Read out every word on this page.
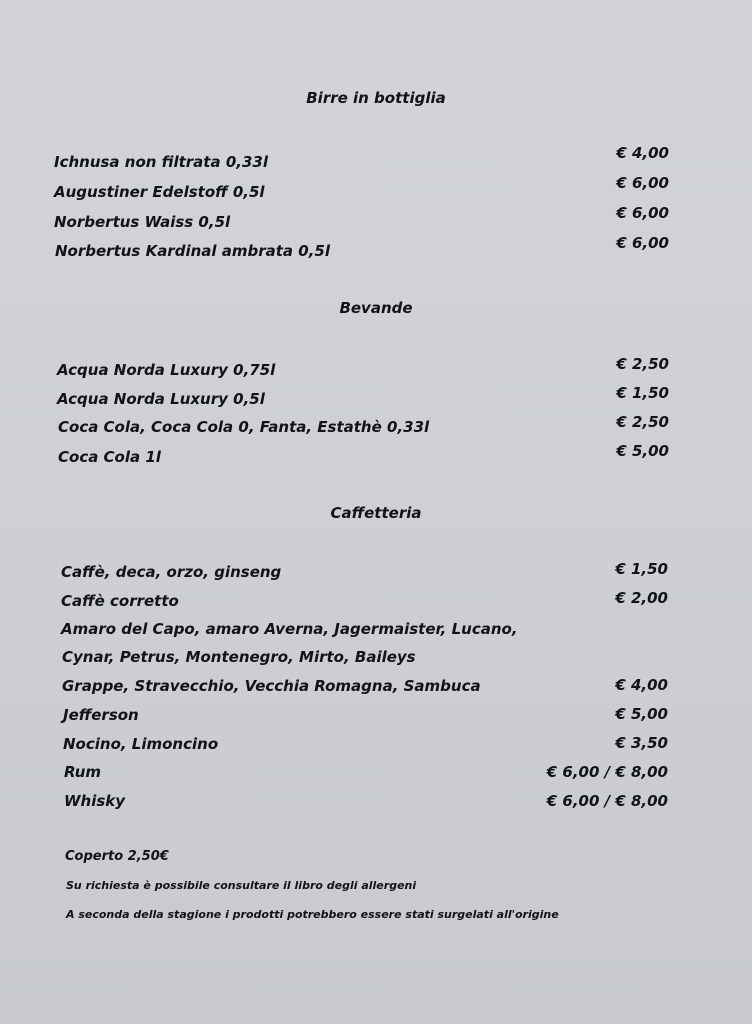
Birre in bottiglia
Ichnusa non filtrata 0,33l	€ 4,00
Augustiner Edelstoff 0,5l	€ 6,00
Norbertus Waiss 0,5l	€ 6,00
Norbertus Kardinal ambrata 0,5l	€ 6,00
Bevande
Acqua Norda Luxury 0,75l	€ 2,50
Acqua Norda Luxury 0,5l	€ 1,50
Coca Cola, Coca Cola 0, Fanta, Estathè 0,33l	€ 2,50
Coca Cola 1l	€ 5,00
Caffetteria
Caffè, deca, orzo, ginseng	€ 1,50
Caffè corretto	€ 2,00
Amaro del Capo, amaro Averna, Jagermaister, Lucano,
Cynar, Petrus, Montenegro, Mirto, Baileys
Grappe, Stravecchio, Vecchia Romagna, Sambuca	€ 4,00
Jefferson	€ 5,00
Nocino, Limoncino	€ 3,50
Rum	€ 6,00 / € 8,00
Whisky	€ 6,00 / € 8,00
Coperto 2,50€
Su richiesta è possibile consultare il libro degli allergeni
A seconda della stagione i prodotti potrebbero essere stati surgelati all'origine
